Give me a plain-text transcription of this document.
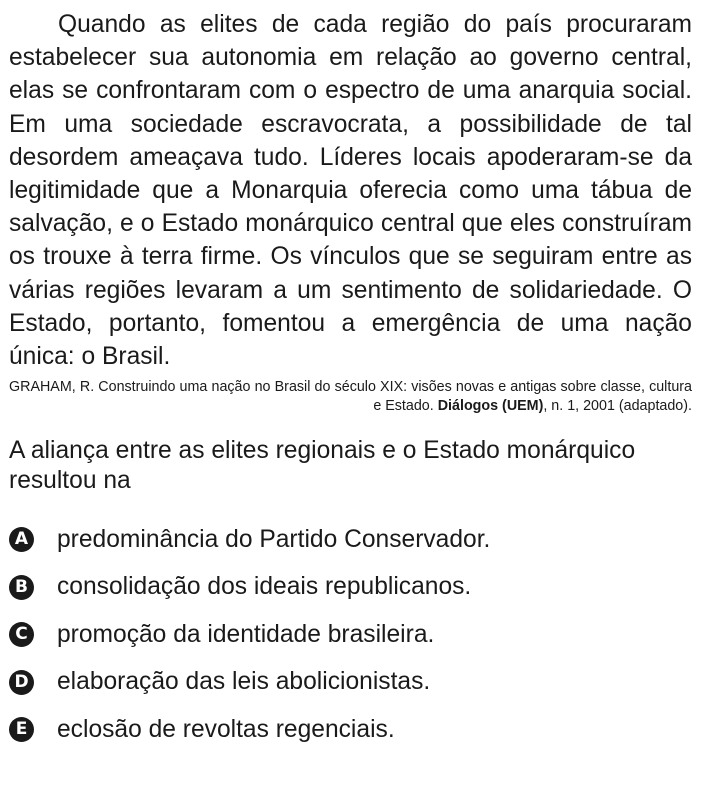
Quando as elites de cada região do país procuraram estabelecer sua autonomia em relação ao governo central, elas se confrontaram com o espectro de uma anarquia social. Em uma sociedade escravocrata, a possibilidade de tal desordem ameaçava tudo. Líderes locais apoderaram-se da legitimidade que a Monarquia oferecia como uma tábua de salvação, e o Estado monárquico central que eles construíram os trouxe à terra firme. Os vínculos que se seguiram entre as várias regiões levaram a um sentimento de solidariedade. O Estado, portanto, fomentou a emergência de uma nação única: o Brasil.

GRAHAM, R. Construindo uma nação no Brasil do século XIX: visões novas e antigas sobre classe, cultura e Estado. Diálogos (UEM), n. 1, 2001 (adaptado).

A aliança entre as elites regionais e o Estado monárquico resultou na

A predominância do Partido Conservador.
B consolidação dos ideais republicanos.
C promoção da identidade brasileira.
D elaboração das leis abolicionistas.
E eclosão de revoltas regenciais.
